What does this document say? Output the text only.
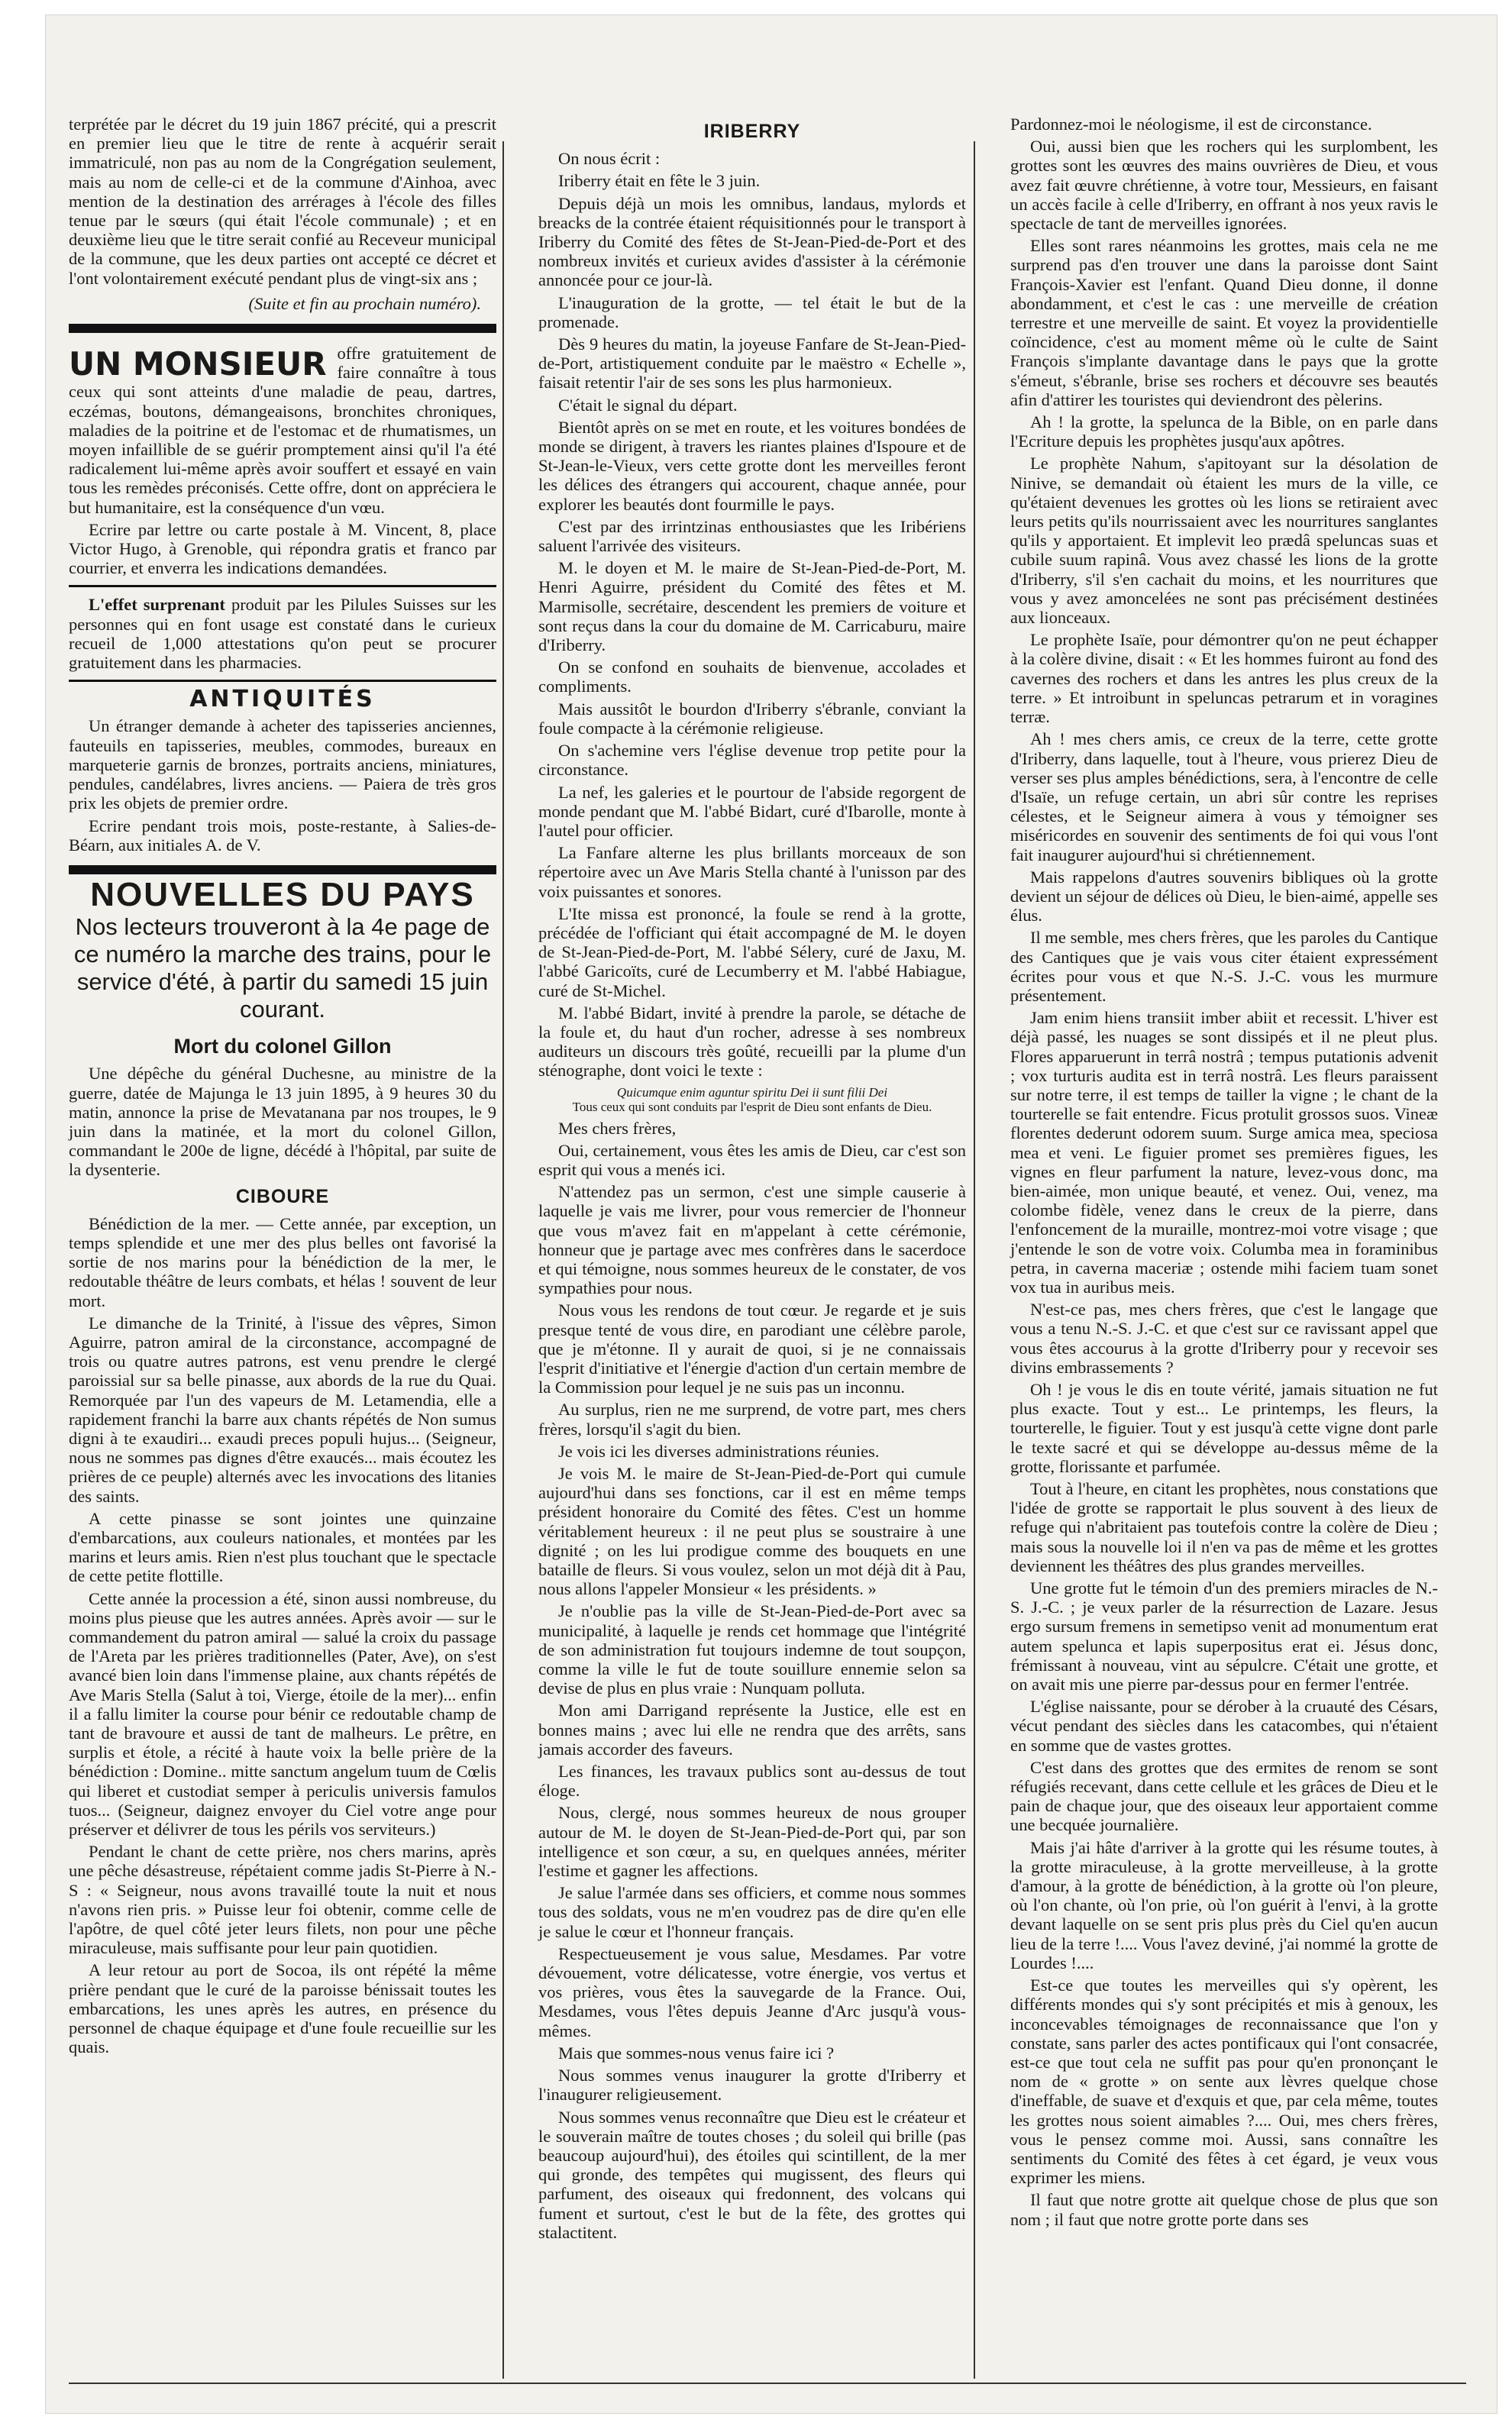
terprétée par le décret du 19 juin 1867 précité, qui a prescrit en premier lieu que le titre de rente à acquérir serait immatriculé, non pas au nom de la Congrégation seulement, mais au nom de celle-ci et de la commune d'Ainhoa, avec mention de la destination des arrérages à l'école des filles tenue par le sœurs (qui était l'école communale) ; et en deuxième lieu que le titre serait confié au Receveur municipal de la commune, que les deux parties ont accepté ce décret et l'ont volontairement exécuté pendant plus de vingt-six ans ;

(Suite et fin au prochain numéro).
UN MONSIEUR offre gratuitement de faire connaître à tous ceux qui sont atteints d'une maladie de peau, dartres, eczémas, boutons, démangeaisons, bronchites chroniques, maladies de la poitrine et de l'estomac et de rhumatismes, un moyen infaillible de se guérir promptement ainsi qu'il l'a été radicalement lui-même après avoir souffert et essayé en vain tous les remèdes préconisés. Cette offre, dont on appréciera le but humanitaire, est la conséquence d'un vœu.

Ecrire par lettre ou carte postale à M. Vincent, 8, place Victor Hugo, à Grenoble, qui répondra gratis et franco par courrier, et enverra les indications demandées.

L'effet surprenant produit par les Pilules Suisses sur les personnes qui en font usage est constaté dans le curieux recueil de 1,000 attestations qu'on peut se procurer gratuitement dans les pharmacies.

ANTIQUITÉS

Un étranger demande à acheter des tapisseries anciennes, fauteuils en tapisseries, meubles, commodes, bureaux en marqueterie garnis de bronzes, portraits anciens, miniatures, pendules, candélabres, livres anciens. — Paiera de très gros prix les objets de premier ordre.

Ecrire pendant trois mois, poste-restante, à Salies-de-Béarn, aux initiales A. de V.

NOUVELLES DU PAYS
Nos lecteurs trouveront à la 4e page de ce numéro la marche des trains, pour le service d'été, à partir du samedi 15 juin courant.
Mort du colonel Gillon

Une dépêche du général Duchesne, au ministre de la guerre, datée de Majunga le 13 juin 1895, à 9 heures 30 du matin, annonce la prise de Mevatanana par nos troupes, le 9 juin dans la matinée, et la mort du colonel Gillon, commandant le 200e de ligne, décédé à l'hôpital, par suite de la dysenterie.

CIBOURE

Bénédiction de la mer. — Cette année, par exception, un temps splendide et une mer des plus belles ont favorisé la sortie de nos marins pour la bénédiction de la mer, le redoutable théâtre de leurs combats, et hélas ! souvent de leur mort.

Le dimanche de la Trinité, à l'issue des vêpres, Simon Aguirre, patron amiral de la circonstance, accompagné de trois ou quatre autres patrons, est venu prendre le clergé paroissial sur sa belle pinasse, aux abords de la rue du Quai. Remorquée par l'un des vapeurs de M. Letamendia, elle a rapidement franchi la barre aux chants répétés de Non sumus digni à te exaudiri... exaudi preces populi hujus... (Seigneur, nous ne sommes pas dignes d'être exaucés... mais écoutez les prières de ce peuple) alternés avec les invocations des litanies des saints.

A cette pinasse se sont jointes une quinzaine d'embarcations, aux couleurs nationales, et montées par les marins et leurs amis. Rien n'est plus touchant que le spectacle de cette petite flottille.

Cette année la procession a été, sinon aussi nombreuse, du moins plus pieuse que les autres années. Après avoir — sur le commandement du patron amiral — salué la croix du passage de l'Areta par les prières traditionnelles (Pater, Ave), on s'est avancé bien loin dans l'immense plaine, aux chants répétés de Ave Maris Stella (Salut à toi, Vierge, étoile de la mer)... enfin il a fallu limiter la course pour bénir ce redoutable champ de tant de bravoure et aussi de tant de malheurs. Le prêtre, en surplis et étole, a récité à haute voix la belle prière de la bénédiction : Domine.. mitte sanctum angelum tuum de Cœlis qui liberet et custodiat semper à periculis universis famulos tuos... (Seigneur, daignez envoyer du Ciel votre ange pour préserver et délivrer de tous les périls vos serviteurs.)

Pendant le chant de cette prière, nos chers marins, après une pêche désastreuse, répétaient comme jadis St-Pierre à N.-S : « Seigneur, nous avons travaillé toute la nuit et nous n'avons rien pris. » Puisse leur foi obtenir, comme celle de l'apôtre, de quel côté jeter leurs filets, non pour une pêche miraculeuse, mais suffisante pour leur pain quotidien.

A leur retour au port de Socoa, ils ont répété la même prière pendant que le curé de la paroisse bénissait toutes les embarcations, les unes après les autres, en présence du personnel de chaque équipage et d'une foule recueillie sur les quais.

IRIBERRY

On nous écrit :

Iriberry était en fête le 3 juin.

Depuis déjà un mois les omnibus, landaus, mylords et breacks de la contrée étaient réquisitionnés pour le transport à Iriberry du Comité des fêtes de St-Jean-Pied-de-Port et des nombreux invités et curieux avides d'assister à la cérémonie annoncée pour ce jour-là.

L'inauguration de la grotte, — tel était le but de la promenade.

Dès 9 heures du matin, la joyeuse Fanfare de St-Jean-Pied-de-Port, artistiquement conduite par le maëstro « Echelle », faisait retentir l'air de ses sons les plus harmonieux.

C'était le signal du départ.

Bientôt après on se met en route, et les voitures bondées de monde se dirigent, à travers les riantes plaines d'Ispoure et de St-Jean-le-Vieux, vers cette grotte dont les merveilles feront les délices des étrangers qui accourent, chaque année, pour explorer les beautés dont fourmille le pays.

C'est par des irrintzinas enthousiastes que les Iribériens saluent l'arrivée des visiteurs.

M. le doyen et M. le maire de St-Jean-Pied-de-Port, M. Henri Aguirre, président du Comité des fêtes et M. Marmisolle, secrétaire, descendent les premiers de voiture et sont reçus dans la cour du domaine de M. Carricaburu, maire d'Iriberry.

On se confond en souhaits de bienvenue, accolades et compliments.

Mais aussitôt le bourdon d'Iriberry s'ébranle, conviant la foule compacte à la cérémonie religieuse.

On s'achemine vers l'église devenue trop petite pour la circonstance.

La nef, les galeries et le pourtour de l'abside regorgent de monde pendant que M. l'abbé Bidart, curé d'Ibarolle, monte à l'autel pour officier.

La Fanfare alterne les plus brillants morceaux de son répertoire avec un Ave Maris Stella chanté à l'unisson par des voix puissantes et sonores.

L'Ite missa est prononcé, la foule se rend à la grotte, précédée de l'officiant qui était accompagné de M. le doyen de St-Jean-Pied-de-Port, M. l'abbé Sélery, curé de Jaxu, M. l'abbé Garicoïts, curé de Lecumberry et M. l'abbé Habiague, curé de St-Michel.

M. l'abbé Bidart, invité à prendre la parole, se détache de la foule et, du haut d'un rocher, adresse à ses nombreux auditeurs un discours très goûté, recueilli par la plume d'un sténographe, dont voici le texte :

Quicumque enim aguntur spiritu Dei ii sunt filii Dei
Tous ceux qui sont conduits par l'esprit de Dieu sont enfants de Dieu.

Mes chers frères,

Oui, certainement, vous êtes les amis de Dieu, car c'est son esprit qui vous a menés ici.

N'attendez pas un sermon, c'est une simple causerie à laquelle je vais me livrer, pour vous remercier de l'honneur que vous m'avez fait en m'appelant à cette cérémonie, honneur que je partage avec mes confrères dans le sacerdoce et qui témoigne, nous sommes heureux de le constater, de vos sympathies pour nous.

Nous vous les rendons de tout cœur. Je regarde et je suis presque tenté de vous dire, en parodiant une célèbre parole, que je m'étonne. Il y aurait de quoi, si je ne connaissais l'esprit d'initiative et l'énergie d'action d'un certain membre de la Commission pour lequel je ne suis pas un inconnu.

Au surplus, rien ne me surprend, de votre part, mes chers frères, lorsqu'il s'agit du bien.

Je vois ici les diverses administrations réunies.

Je vois M. le maire de St-Jean-Pied-de-Port qui cumule aujourd'hui dans ses fonctions, car il est en même temps président honoraire du Comité des fêtes. C'est un homme véritablement heureux : il ne peut plus se soustraire à une dignité ; on les lui prodigue comme des bouquets en une bataille de fleurs. Si vous voulez, selon un mot déjà dit à Pau, nous allons l'appeler Monsieur « les présidents. »

Je n'oublie pas la ville de St-Jean-Pied-de-Port avec sa municipalité, à laquelle je rends cet hommage que l'intégrité de son administration fut toujours indemne de tout soupçon, comme la ville le fut de toute souillure ennemie selon sa devise de plus en plus vraie : Nunquam polluta.

Mon ami Darrigand représente la Justice, elle est en bonnes mains ; avec lui elle ne rendra que des arrêts, sans jamais accorder des faveurs.

Les finances, les travaux publics sont au-dessus de tout éloge.

Nous, clergé, nous sommes heureux de nous grouper autour de M. le doyen de St-Jean-Pied-de-Port qui, par son intelligence et son cœur, a su, en quelques années, mériter l'estime et gagner les affections.

Je salue l'armée dans ses officiers, et comme nous sommes tous des soldats, vous ne m'en voudrez pas de dire qu'en elle je salue le cœur et l'honneur français.

Respectueusement je vous salue, Mesdames. Par votre dévouement, votre délicatesse, votre énergie, vos vertus et vos prières, vous êtes la sauvegarde de la France. Oui, Mesdames, vous l'êtes depuis Jeanne d'Arc jusqu'à vous-mêmes.

Mais que sommes-nous venus faire ici ?

Nous sommes venus inaugurer la grotte d'Iriberry et l'inaugurer religieusement.

Nous sommes venus reconnaître que Dieu est le créateur et le souverain maître de toutes choses ; du soleil qui brille (pas beaucoup aujourd'hui), des étoiles qui scintillent, de la mer qui gronde, des tempêtes qui mugissent, des fleurs qui parfument, des oiseaux qui fredonnent, des volcans qui fument et surtout, c'est le but de la fête, des grottes qui stalactitent.

Pardonnez-moi le néologisme, il est de circonstance.

Oui, aussi bien que les rochers qui les surplombent, les grottes sont les œuvres des mains ouvrières de Dieu, et vous avez fait œuvre chrétienne, à votre tour, Messieurs, en faisant un accès facile à celle d'Iriberry, en offrant à nos yeux ravis le spectacle de tant de merveilles ignorées.

Elles sont rares néanmoins les grottes, mais cela ne me surprend pas d'en trouver une dans la paroisse dont Saint François-Xavier est l'enfant. Quand Dieu donne, il donne abondamment, et c'est le cas : une merveille de création terrestre et une merveille de saint. Et voyez la providentielle coïncidence, c'est au moment même où le culte de Saint François s'implante davantage dans le pays que la grotte s'émeut, s'ébranle, brise ses rochers et découvre ses beautés afin d'attirer les touristes qui deviendront des pèlerins.

Ah ! la grotte, la spelunca de la Bible, on en parle dans l'Ecriture depuis les prophètes jusqu'aux apôtres.

Le prophète Nahum, s'apitoyant sur la désolation de Ninive, se demandait où étaient les murs de la ville, ce qu'étaient devenues les grottes où les lions se retiraient avec leurs petits qu'ils nourrissaient avec les nourritures sanglantes qu'ils y apportaient. Et implevit leo prædâ speluncas suas et cubile suum rapinâ. Vous avez chassé les lions de la grotte d'Iriberry, s'il s'en cachait du moins, et les nourritures que vous y avez amoncelées ne sont pas précisément destinées aux lionceaux.

Le prophète Isaïe, pour démontrer qu'on ne peut échapper à la colère divine, disait : « Et les hommes fuiront au fond des cavernes des rochers et dans les antres les plus creux de la terre. » Et introibunt in speluncas petrarum et in voragines terræ.

Ah ! mes chers amis, ce creux de la terre, cette grotte d'Iriberry, dans laquelle, tout à l'heure, vous prierez Dieu de verser ses plus amples bénédictions, sera, à l'encontre de celle d'Isaïe, un refuge certain, un abri sûr contre les reprises célestes, et le Seigneur aimera à vous y témoigner ses miséricordes en souvenir des sentiments de foi qui vous l'ont fait inaugurer aujourd'hui si chrétiennement.

Mais rappelons d'autres souvenirs bibliques où la grotte devient un séjour de délices où Dieu, le bien-aimé, appelle ses élus.

Il me semble, mes chers frères, que les paroles du Cantique des Cantiques que je vais vous citer étaient expressément écrites pour vous et que N.-S. J.-C. vous les murmure présentement.

Jam enim hiens transiit imber abiit et recessit. L'hiver est déjà passé, les nuages se sont dissipés et il ne pleut plus. Flores apparuerunt in terrâ nostrâ ; tempus putationis advenit ; vox turturis audita est in terrâ nostrâ. Les fleurs paraissent sur notre terre, il est temps de tailler la vigne ; le chant de la tourterelle se fait entendre. Ficus protulit grossos suos. Vineæ florentes dederunt odorem suum. Surge amica mea, speciosa mea et veni. Le figuier promet ses premières figues, les vignes en fleur parfument la nature, levez-vous donc, ma bien-aimée, mon unique beauté, et venez. Oui, venez, ma colombe fidèle, venez dans le creux de la pierre, dans l'enfoncement de la muraille, montrez-moi votre visage ; que j'entende le son de votre voix. Columba mea in foraminibus petra, in caverna maceriæ ; ostende mihi faciem tuam sonet vox tua in auribus meis.

N'est-ce pas, mes chers frères, que c'est le langage que vous a tenu N.-S. J.-C. et que c'est sur ce ravissant appel que vous êtes accourus à la grotte d'Iriberry pour y recevoir ses divins embrassements ?

Oh ! je vous le dis en toute vérité, jamais situation ne fut plus exacte. Tout y est... Le printemps, les fleurs, la tourterelle, le figuier. Tout y est jusqu'à cette vigne dont parle le texte sacré et qui se développe au-dessus même de la grotte, florissante et parfumée.

Tout à l'heure, en citant les prophètes, nous constations que l'idée de grotte se rapportait le plus souvent à des lieux de refuge qui n'abritaient pas toutefois contre la colère de Dieu ; mais sous la nouvelle loi il n'en va pas de même et les grottes deviennent les théâtres des plus grandes merveilles.

Une grotte fut le témoin d'un des premiers miracles de N.-S. J.-C. ; je veux parler de la résurrection de Lazare. Jesus ergo sursum fremens in semetipso venit ad monumentum erat autem spelunca et lapis superpositus erat ei. Jésus donc, frémissant à nouveau, vint au sépulcre. C'était une grotte, et on avait mis une pierre par-dessus pour en fermer l'entrée.

L'église naissante, pour se dérober à la cruauté des Césars, vécut pendant des siècles dans les catacombes, qui n'étaient en somme que de vastes grottes.

C'est dans des grottes que des ermites de renom se sont réfugiés recevant, dans cette cellule et les grâces de Dieu et le pain de chaque jour, que des oiseaux leur apportaient comme une becquée journalière.

Mais j'ai hâte d'arriver à la grotte qui les résume toutes, à la grotte miraculeuse, à la grotte merveilleuse, à la grotte d'amour, à la grotte de bénédiction, à la grotte où l'on pleure, où l'on chante, où l'on prie, où l'on guérit à l'envi, à la grotte devant laquelle on se sent pris plus près du Ciel qu'en aucun lieu de la terre !.... Vous l'avez deviné, j'ai nommé la grotte de Lourdes !....

Est-ce que toutes les merveilles qui s'y opèrent, les différents mondes qui s'y sont précipités et mis à genoux, les inconcevables témoignages de reconnaissance que l'on y constate, sans parler des actes pontificaux qui l'ont consacrée, est-ce que tout cela ne suffit pas pour qu'en prononçant le nom de « grotte » on sente aux lèvres quelque chose d'ineffable, de suave et d'exquis et que, par cela même, toutes les grottes nous soient aimables ?.... Oui, mes chers frères, vous le pensez comme moi. Aussi, sans connaître les sentiments du Comité des fêtes à cet égard, je veux vous exprimer les miens.

Il faut que notre grotte ait quelque chose de plus que son nom ; il faut que notre grotte porte dans ses
